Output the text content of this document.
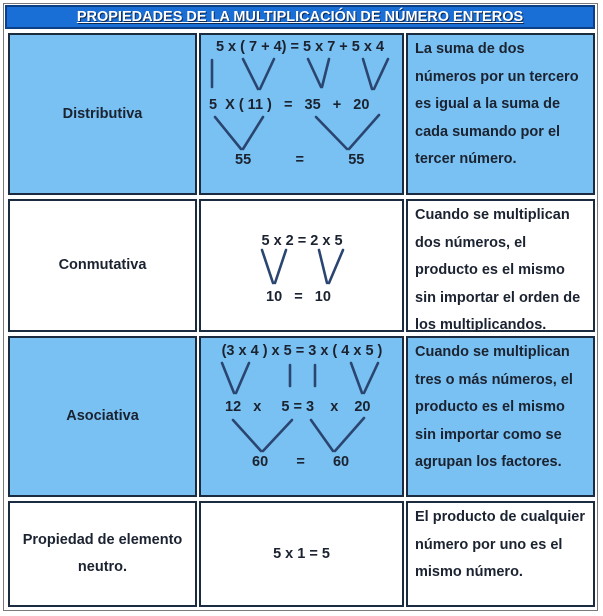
PROPIEDADES DE LA MULTIPLICACIÓN DE NÚMERO ENTEROS
Distributiva
5 x ( 7 + 4) = 5 x 7 + 5 x 4
5  X ( 11 )   =   35   +   20
55           =           55
La suma de dos números por un tercero es igual a la suma de cada sumando por el tercer número.
Conmutativa
5 x 2 = 2 x 5
10   =   10
Cuando se multiplican dos números, el producto es el mismo sin importar el orden de los multiplicandos.
Asociativa
(3 x 4 ) x 5 = 3 x ( 4 x 5 )
12   x     5 = 3    x    20
60       =       60
Cuando se multiplican tres o más números, el producto es el mismo sin importar como se agrupan los factores.
Propiedad de elemento neutro.
5 x 1 = 5
El producto de cualquier número por uno es el mismo número.
